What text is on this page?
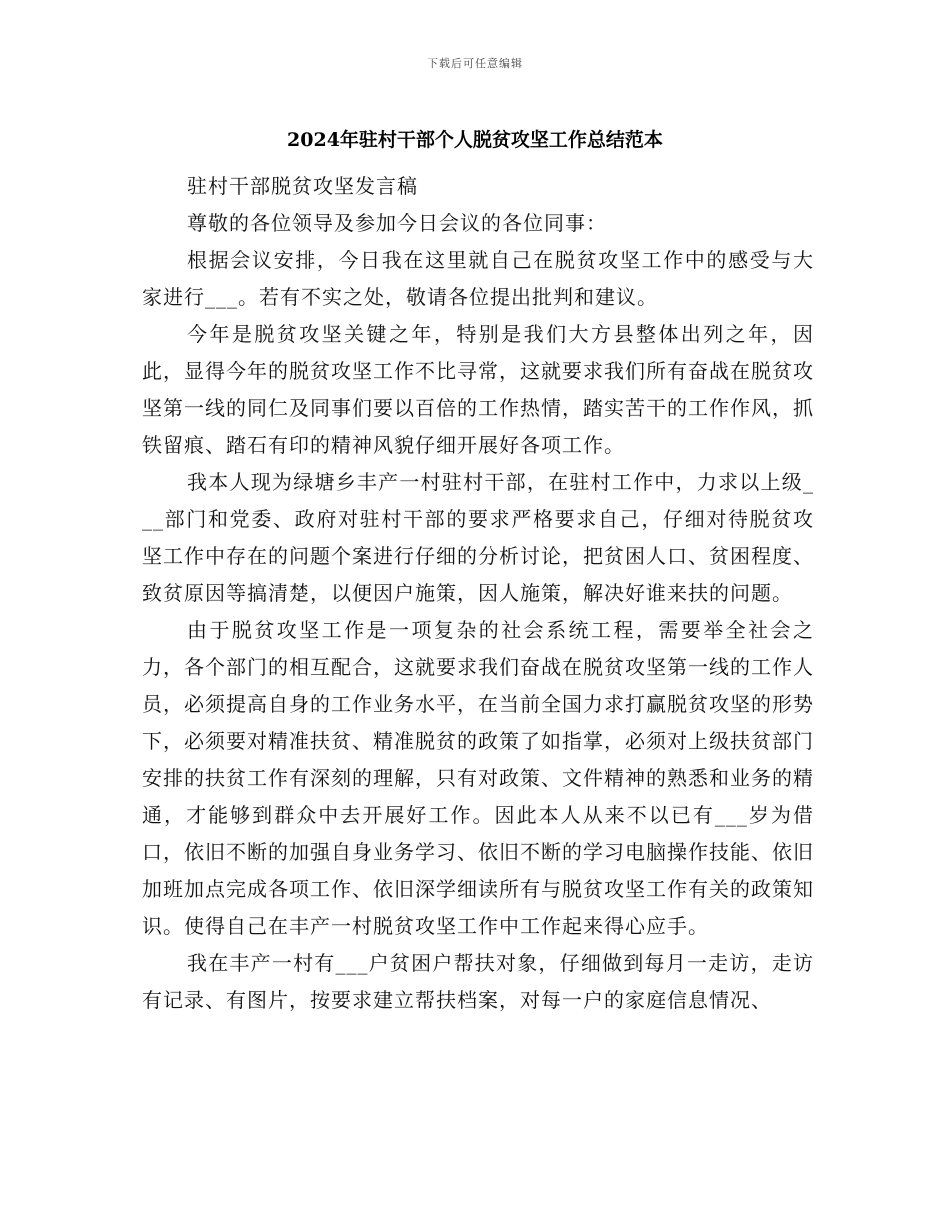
下载后可任意编辑
2024年驻村干部个人脱贫攻坚工作总结范本

驻村干部脱贫攻坚发言稿

尊敬的各位领导及参加今日会议的各位同事：

根据会议安排，今日我在这里就自己在脱贫攻坚工作中的感受与大家进行___。若有不实之处，敬请各位提出批判和建议。

今年是脱贫攻坚关键之年，特别是我们大方县整体出列之年，因此，显得今年的脱贫攻坚工作不比寻常，这就要求我们所有奋战在脱贫攻坚第一线的同仁及同事们要以百倍的工作热情，踏实苦干的工作作风，抓铁留痕、踏石有印的精神风貌仔细开展好各项工作。

我本人现为绿塘乡丰产一村驻村干部，在驻村工作中，力求以上级___部门和党委、政府对驻村干部的要求严格要求自己，仔细对待脱贫攻坚工作中存在的问题个案进行仔细的分析讨论，把贫困人口、贫困程度、致贫原因等搞清楚，以便因户施策，因人施策，解决好谁来扶的问题。

由于脱贫攻坚工作是一项复杂的社会系统工程，需要举全社会之力，各个部门的相互配合，这就要求我们奋战在脱贫攻坚第一线的工作人员，必须提高自身的工作业务水平，在当前全国力求打赢脱贫攻坚的形势下，必须要对精准扶贫、精准脱贫的政策了如指掌，必须对上级扶贫部门安排的扶贫工作有深刻的理解，只有对政策、文件精神的熟悉和业务的精通，才能够到群众中去开展好工作。因此本人从来不以已有___岁为借口，依旧不断的加强自身业务学习、依旧不断的学习电脑操作技能、依旧加班加点完成各项工作、依旧深学细读所有与脱贫攻坚工作有关的政策知识。使得自己在丰产一村脱贫攻坚工作中工作起来得心应手。

我在丰产一村有___户贫困户帮扶对象，仔细做到每月一走访，走访有记录、有图片，按要求建立帮扶档案，对每一户的家庭信息情况、
